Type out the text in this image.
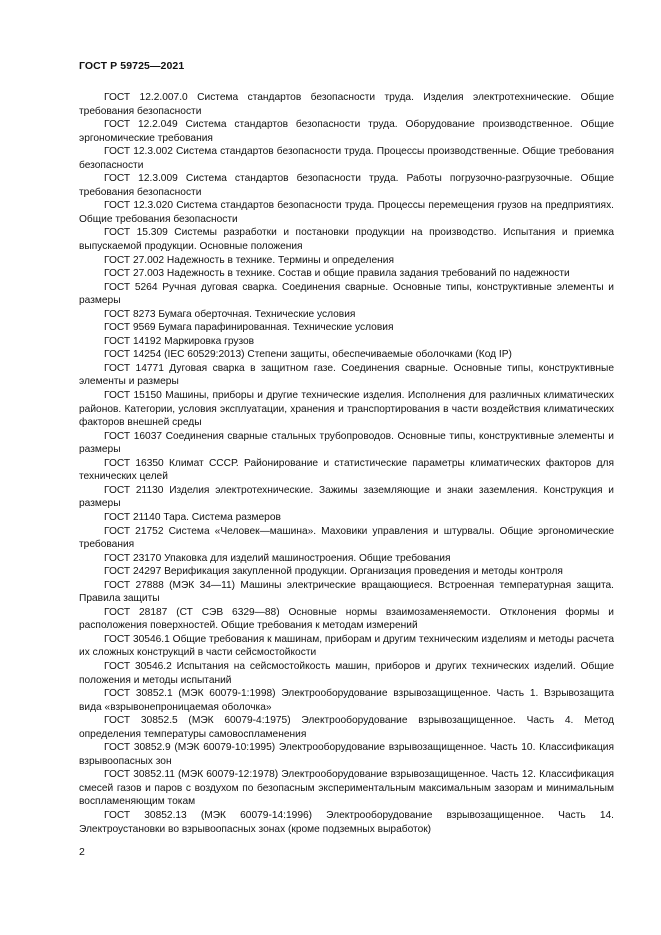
ГОСТ Р 59725—2021

ГОСТ 12.2.007.0 Система стандартов безопасности труда. Изделия электротехнические. Общие требования безопасности

ГОСТ 12.2.049 Система стандартов безопасности труда. Оборудование производственное. Общие эргономические требования

ГОСТ 12.3.002 Система стандартов безопасности труда. Процессы производственные. Общие требования безопасности

ГОСТ 12.3.009 Система стандартов безопасности труда. Работы погрузочно-разгрузочные. Общие требования безопасности

ГОСТ 12.3.020 Система стандартов безопасности труда. Процессы перемещения грузов на предприятиях. Общие требования безопасности

ГОСТ 15.309 Системы разработки и постановки продукции на производство. Испытания и приемка выпускаемой продукции. Основные положения

ГОСТ 27.002 Надежность в технике. Термины и определения

ГОСТ 27.003 Надежность в технике. Состав и общие правила задания требований по надежности

ГОСТ 5264 Ручная дуговая сварка. Соединения сварные. Основные типы, конструктивные элементы и размеры

ГОСТ 8273 Бумага оберточная. Технические условия

ГОСТ 9569 Бумага парафинированная. Технические условия

ГОСТ 14192 Маркировка грузов

ГОСТ 14254 (IEC 60529:2013) Степени защиты, обеспечиваемые оболочками (Код IP)

ГОСТ 14771 Дуговая сварка в защитном газе. Соединения сварные. Основные типы, конструктивные элементы и размеры

ГОСТ 15150 Машины, приборы и другие технические изделия. Исполнения для различных климатических районов. Категории, условия эксплуатации, хранения и транспортирования в части воздействия климатических факторов внешней среды

ГОСТ 16037 Соединения сварные стальных трубопроводов. Основные типы, конструктивные элементы и размеры

ГОСТ 16350 Климат СССР. Районирование и статистические параметры климатических факторов для технических целей

ГОСТ 21130 Изделия электротехнические. Зажимы заземляющие и знаки заземления. Конструкция и размеры

ГОСТ 21140 Тара. Система размеров

ГОСТ 21752 Система «Человек—машина». Маховики управления и штурвалы. Общие эргономические требования

ГОСТ 23170 Упаковка для изделий машиностроения. Общие требования

ГОСТ 24297 Верификация закупленной продукции. Организация проведения и методы контроля

ГОСТ 27888 (МЭК 34—11) Машины электрические вращающиеся. Встроенная температурная защита. Правила защиты

ГОСТ 28187 (СТ СЭВ 6329—88) Основные нормы взаимозаменяемости. Отклонения формы и расположения поверхностей. Общие требования к методам измерений

ГОСТ 30546.1 Общие требования к машинам, приборам и другим техническим изделиям и методы расчета их сложных конструкций в части сейсмостойкости

ГОСТ 30546.2 Испытания на сейсмостойкость машин, приборов и других технических изделий. Общие положения и методы испытаний

ГОСТ 30852.1 (МЭК 60079-1:1998) Электрооборудование взрывозащищенное. Часть 1. Взрывозащита вида «взрывонепроницаемая оболочка»

ГОСТ 30852.5 (МЭК 60079-4:1975) Электрооборудование взрывозащищенное. Часть 4. Метод определения температуры самовоспламенения

ГОСТ 30852.9 (МЭК 60079-10:1995) Электрооборудование взрывозащищенное. Часть 10. Классификация взрывоопасных зон

ГОСТ 30852.11 (МЭК 60079-12:1978) Электрооборудование взрывозащищенное. Часть 12. Классификация смесей газов и паров с воздухом по безопасным экспериментальным максимальным зазорам и минимальным воспламеняющим токам

ГОСТ 30852.13 (МЭК 60079-14:1996) Электрооборудование взрывозащищенное. Часть 14. Электроустановки во взрывоопасных зонах (кроме подземных выработок)

2
